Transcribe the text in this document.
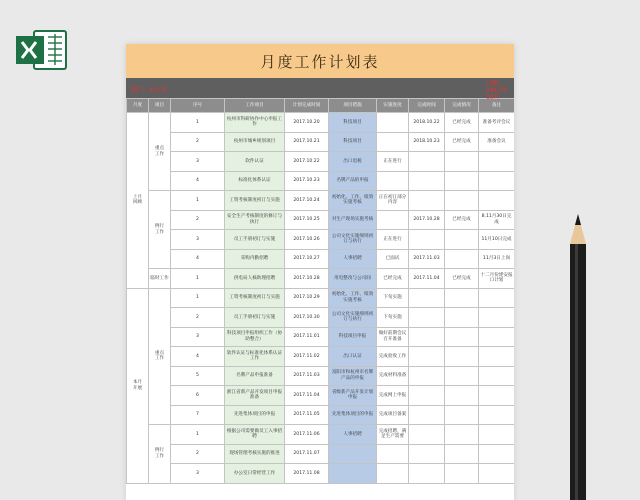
月度工作计划表
部门：办公室
日期：2017年
10月
月度	项目	序号	工作项目	计划完成时间	项目措施	实施进度	完成时间	完成情况	备注
上月
回顾	重点
工作	1	杭州市科研协作中心申报工作	2017.10.20	科技项目		2018.10.22	已经完成	准备考评会议
		2	杭州市城乡规划项目	2017.10.21	科技项目		2018.10.23	已经完成	准备会议
		3	软件认证	2017.10.22	出口退税	正在进行			
		4	标准化体系认证	2017.10.23	名牌产品的申报				
	例行
工作	1	工资考核制度初订与实施	2017.10.24	初始化、工作、绩效实施考核	正在初订部分内容			
		2	安全生产考核制度的修订与执行	2017.10.25	对生产现场实施考核		2017.10.28	已经完成	8.11月30日完成
		3	员工手册初订与实施	2017.10.26	公司文化实施细则初订与执行	正在进行			11月10日完成
		4	采购内勤招聘	2017.10.27	人事招聘	已面试	2017.11.03		11月3日上岗
	临时工作	1	供电局人核助理招聘	2017.10.28	用电整改与公司间	已经完成	2017.11.04	已经完成	十二月份建安报口计划
本月
开展	重点
工作	1	工资考核制度初订与实施	2017.10.29	初始化、工作、绩效实施考核	下旬实施			
		2	员工手册初订与实施	2017.10.30	公司文化实施细则初订与执行	下旬实施			
		3	科技项目申报组织工作（协助整合）	2017.11.01	科技项目申报	做好前期会议召开准备			
		4	软件认证与标准化体系认证工作	2017.11.02	出口认证	完成验收工作			
		5	名牌产品申报准备	2017.11.03	富阳市和杭州市名牌产品的申报	完成材料准备			
		6	浙江省新产品开发项目申报准备	2017.11.04	省级新产品开发计划申报	完成网上申报			
		7	先进集体项目的申报	2017.11.05	先进集体项目的申报	完成项目备案			
	例行
工作	1	根据公司需要做员工入事招聘	2017.11.06	人事招聘	完成招聘，满足生产需要			
		2	现场管理考核实施的推进	2017.11.07					
		3	办公室日常经营工作	2017.11.08					
